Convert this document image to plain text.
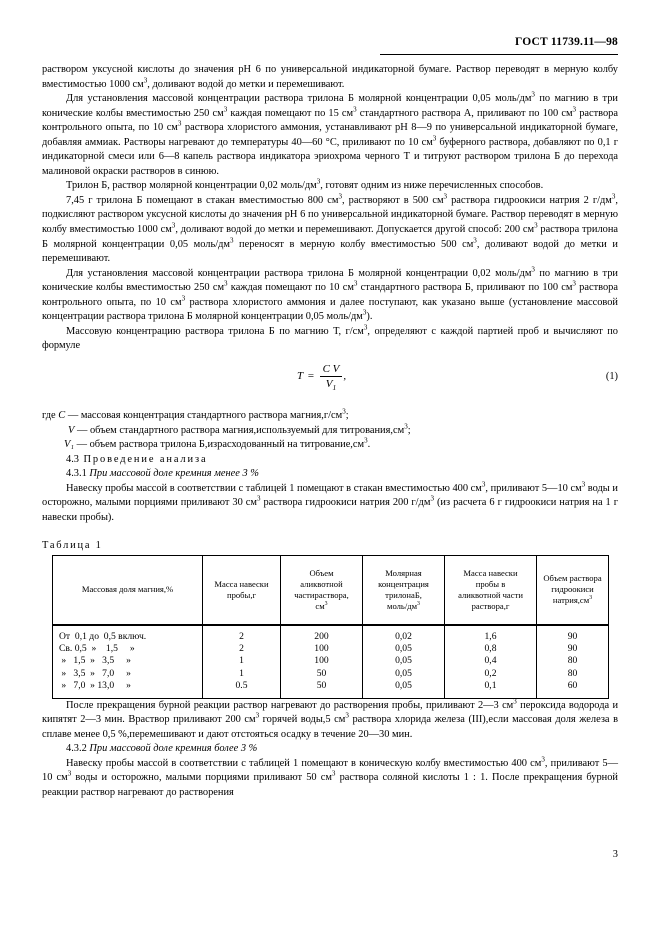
ГОСТ 11739.11—98

раствором уксусной кислоты до значения рН 6 по универсальной индикаторной бумаге. Раствор переводят в мерную колбу вместимостью 1000 $см^3$, доливают водой до метки и перемешивают.

Для установления массовой концентрации раствора трилона Б молярной концентрации 0,05 моль/$дм^3$ по магнию в три конические колбы вместимостью 250 $см^3$ каждая помещают по 15 $см^3$ стандартного раствора А, приливают по 100 $см^3$ раствора контрольного опыта, по 10 $см^3$ раствора хлористого аммония, устанавливают рН 8—9 по универсальной индикаторной бумаге, добавляя аммиак. Растворы нагревают до температуры 40—60 °С, приливают по 10 $см^3$ буферного раствора, добавляют по 0,1 г индикаторной смеси или 6—8 капель раствора индикатора эриохрома черного Т и титруют раствором трилона Б до перехода малиновой окраски растворов в синюю.

Трилон Б, раствор молярной концентрации 0,02 моль/$дм^3$, готовят одним из ниже перечисленных способов.

7,45 г трилона Б помещают в стакан вместимостью 800 $см^3$, растворяют в 500 $см^3$ раствора гидроокиси натрия 2 $г/дм^3$, подкисляют раствором уксусной кислоты до значения рН 6 по универсальной индикаторной бумаге. Раствор переводят в мерную колбу вместимостью 1000 $см^3$, доливают водой до метки и перемешивают. Допускается другой способ: 200 $см^3$ раствора трилона Б молярной концентрации 0,05 моль/$дм^3$ переносят в мерную колбу вместимостью 500 $см^3$, доливают водой до метки и перемешивают.

Для установления массовой концентрации раствора трилона Б молярной концентрации 0,02 моль/$дм^3$ по магнию в три конические колбы вместимостью 250 $см^3$ каждая помещают по 10 $см^3$ стандартного раствора Б, приливают по 100 $см^3$ раствора контрольного опыта, по 10 $см^3$ раствора хлористого аммония и далее поступают, как указано выше (установление массовой концентрации раствора трилона Б молярной концентрации 0,05 моль/$дм^3$).

Массовую концентрацию раствора трилона Б по магнию Т, $г/см^3$, определяют с каждой партией проб и вычисляют по формуле

$T = \frac{\text{C V}}{V_1}$ ,	(1)
где C — массовая концентрация стандартного раствора $магния,г/см^3$;
V — объем стандартного раствора магния,используемый для $титрования,см^3$;
V₁ — объем раствора трилона Б,израсходованный на $титрование,см^3$.
4.3 Проведение анализа
4.3.1 При массовой доле кремния менее 3 %

Навеску пробы массой в соответствии с таблицей 1 помещают в стакан вместимостью 400 $см^3$, приливают 5—10 $см^3$ воды и осторожно, малыми порциями приливают 30 $см^3$ раствора гидроокиси натрия 200 $г/дм^3$ (из расчета 6 г гидроокиси натрия на 1 г навески пробы).

Таблица 1
Массовая доля магния,%	Масса навески
пробы,г	Объем
аликвотной
частираствора,
$см^3$	Молярная
концентрация
трилонаБ,
моль/$дм^3$	Масса навески
пробы в
аликвотной части
раствора,г	Объем раствора
гидроокиси
$натрия,см^3$
От  0,1 до  0,5 включ.	2	200	0,02	1,6	90
Св. 0,5  »    1,5     »	2	100	0,05	0,8	90
»   1,5  »   3,5     »	1	100	0,05	0,4	80
»   3,5  »   7,0     »	1	50	0,05	0,2	80
»   7,0  » 13,0     »	0.5	50	0,05	0,1	60

После прекращения бурной реакции раствор нагревают до растворения пробы, приливают 2—3 $см^3$ пероксида водорода и кипятят 2—3 мин. Враствор приливают 200 $см^3$ горячей воды,5 $см^3$ раствора хлорида железа (III),если массовая доля железа в сплаве менее 0,5 %,перемешивают и дают отстояться осадку в течение 20—30 мин.

4.3.2 При массовой доле кремния более 3 %

Навеску пробы массой в соответствии с таблицей 1 помещают в коническую колбу вместимостью 400 $см^3$, приливают 5—10 $см^3$ воды и осторожно, малыми порциями приливают 50 $см^3$ раствора соляной кислоты 1 : 1. После прекращения бурной реакции раствор нагревают до растворения

3
